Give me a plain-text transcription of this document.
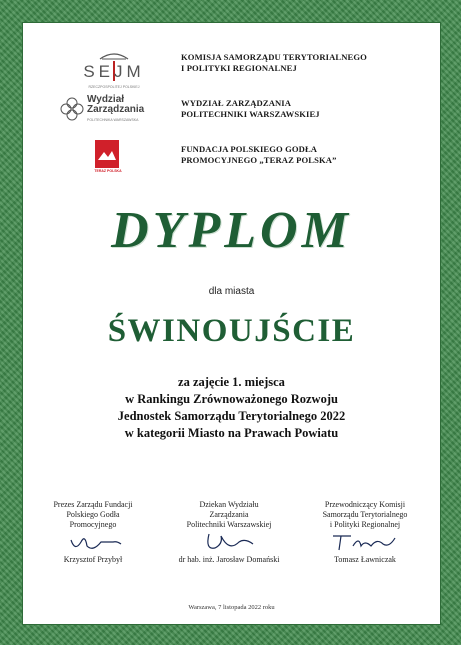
SEJM
RZECZPOSPOLITEJ POLSKIEJ
KOMISJA SAMORZĄDU TERYTORIALNEGO
I POLITYKI REGIONALNEJ
Wydział
Zarządzania
POLITECHNIKA WARSZAWSKA
WYDZIAŁ ZARZĄDZANIA
POLITECHNIKI WARSZAWSKIEJ
TERAZ POLSKA
FUNDACJA POLSKIEGO GODŁA
PROMOCYJNEGO „TERAZ POLSKA”
DYPLOM
dla miasta
ŚWINOUJŚCIE
za zajęcie 1. miejsca
w Rankingu Zrównoważonego Rozwoju
Jednostek Samorządu Terytorialnego 2022
w kategorii Miasto na Prawach Powiatu
Prezes Zarządu Fundacji
Polskiego Godła
Promocyjnego
Krzysztof Przybył
Dziekan Wydziału
Zarządzania
Politechniki Warszawskiej
dr hab. inż. Jarosław Domański
Przewodniczący Komisji
Samorządu Terytorialnego
i Polityki Regionalnej
Tomasz Ławniczak
Warszawa, 7 listopada 2022 roku
